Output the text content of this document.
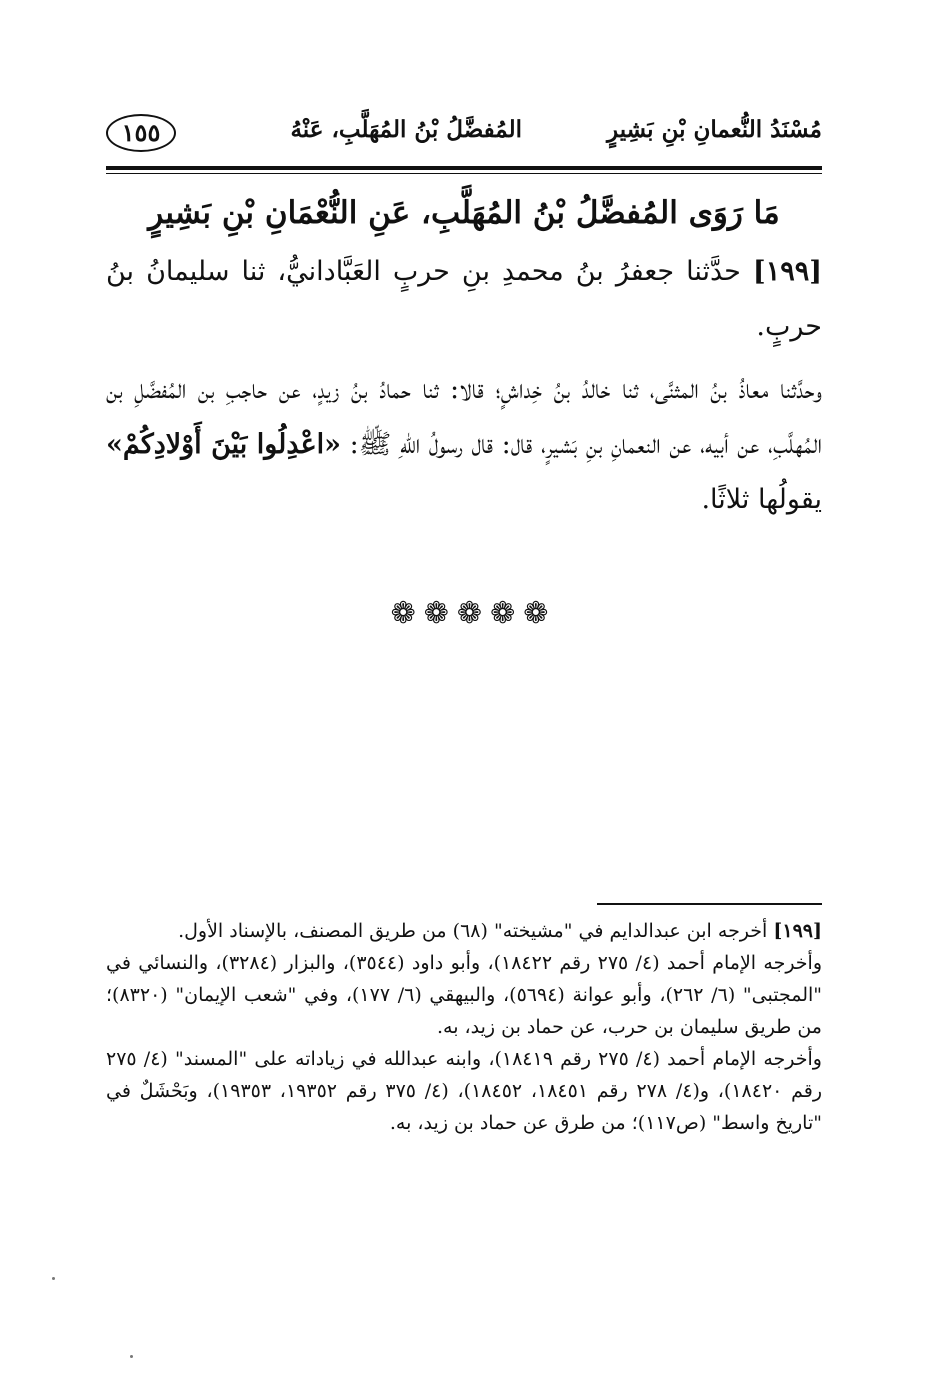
مُسْنَدُ النُّعمانِ بْنِ بَشِيرٍ
المُفضَّلُ بْنُ المُهَلَّبِ، عَنْهُ
١٥٥
مَا رَوَى المُفضَّلُ بْنُ المُهَلَّبِ، عَنِ النُّعْمَانِ بْنِ بَشِيرٍ

[١٩٩] حدَّثنا جعفرُ بنُ محمدِ بنِ حربٍ العَبَّادانيُّ، ثنا سليمانُ بنُ حربٍ.

وحدَّثنا معاذُ بنُ المثنَّى، ثنا خالدُ بنُ خِداشٍ؛ قالا: ثنا حمادُ بنُ زيدٍ، عن حاجبِ بن المُفضَّلِ بن المُهلَّبِ، عن أبيه، عن النعمانِ بنِ بَشيرٍ، قال: قال رسولُ اللهِ ﷺ: «اعْدِلُوا بَيْنَ أَوْلادِكُمْ» يقولُها ثلاثًا.

❁❁❁❁❁

[١٩٩] أخرجه ابن عبدالدايم في "مشيخته" (٦٨) من طريق المصنف، بالإسناد الأول.

وأخرجه الإمام أحمد (٤/ ٢٧٥ رقم ١٨٤٢٢)، وأبو داود (٣٥٤٤)، والبزار (٣٢٨٤)، والنسائي في "المجتبى" (٦/ ٢٦٢)، وأبو عوانة (٥٦٩٤)، والبيهقي (٦/ ١٧٧)، وفي "شعب الإيمان" (٨٣٢٠)؛ من طريق سليمان بن حرب، عن حماد بن زيد، به.

وأخرجه الإمام أحمد (٤/ ٢٧٥ رقم ١٨٤١٩)، وابنه عبدالله في زياداته على "المسند" (٤/ ٢٧٥ رقم ١٨٤٢٠)، و(٤/ ٢٧٨ رقم ١٨٤٥١، ١٨٤٥٢)، (٤/ ٣٧٥ رقم ١٩٣٥٢، ١٩٣٥٣)، وبَحْشَلٌ في "تاريخ واسط" (ص١١٧)؛ من طرق عن حماد بن زيد، به.
